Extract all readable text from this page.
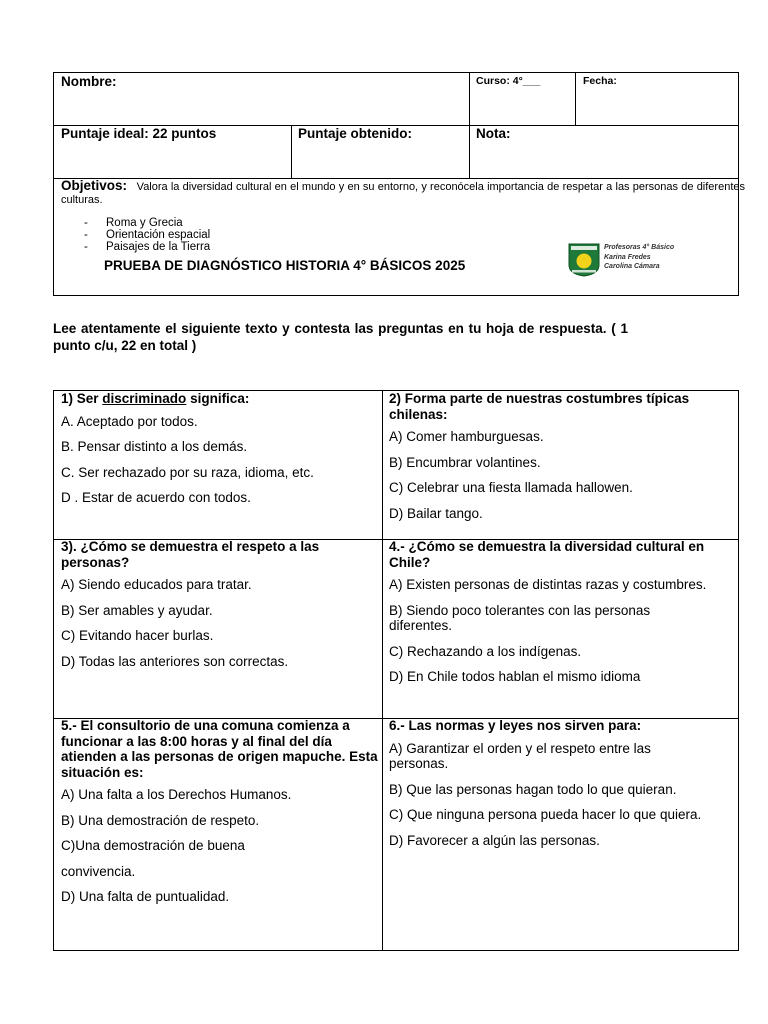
Nombre:	Curso: 4°___	Fecha:
Puntaje ideal: 22 puntos	Puntaje obtenido:	Nota:
Objetivos: Valora la diversidad cultural en el mundo y en su entorno, y reconócela importancia de respetar a las personas de diferentes culturas.
- Roma y Grecia
- Orientación espacial
- Paisajes de la Tierra
PRUEBA DE DIAGNÓSTICO HISTORIA 4° BÁSICOS 2025
Profesoras 4° Básico
Karina Fredes
Carolina Cámara
Lee atentamente el siguiente texto y contesta las preguntas en tu hoja de respuesta. ( 1 punto c/u, 22 en total )
1) Ser discriminado significa:
A. Aceptado por todos.
B. Pensar distinto a los demás.
C. Ser rechazado por su raza, idioma, etc.
D . Estar de acuerdo con todos.
2) Forma parte de nuestras costumbres típicas chilenas:
A) Comer hamburguesas.
B) Encumbrar volantines.
C) Celebrar una fiesta llamada hallowen.
D) Bailar tango.
3). ¿Cómo se demuestra el respeto a las personas?
A) Siendo educados para tratar.
B) Ser amables y ayudar.
C) Evitando hacer burlas.
D) Todas las anteriores son correctas.
4.- ¿Cómo se demuestra la diversidad cultural en Chile?
A) Existen personas de distintas razas y costumbres.
B) Siendo poco tolerantes con las personas diferentes.
C) Rechazando a los indígenas.
D) En Chile todos hablan el mismo idioma
5.- El consultorio de una comuna comienza a funcionar a las 8:00 horas y al final del día atienden a las personas de origen mapuche. Esta situación es:
A) Una falta a los Derechos Humanos.
B) Una demostración de respeto.
C)Una demostración de buena
convivencia.
D) Una falta de puntualidad.
6.- Las normas y leyes nos sirven para:
A) Garantizar el orden y el respeto entre las personas.
B) Que las personas hagan todo lo que quieran.
C) Que ninguna persona pueda hacer lo que quiera.
D) Favorecer a algún las personas.
